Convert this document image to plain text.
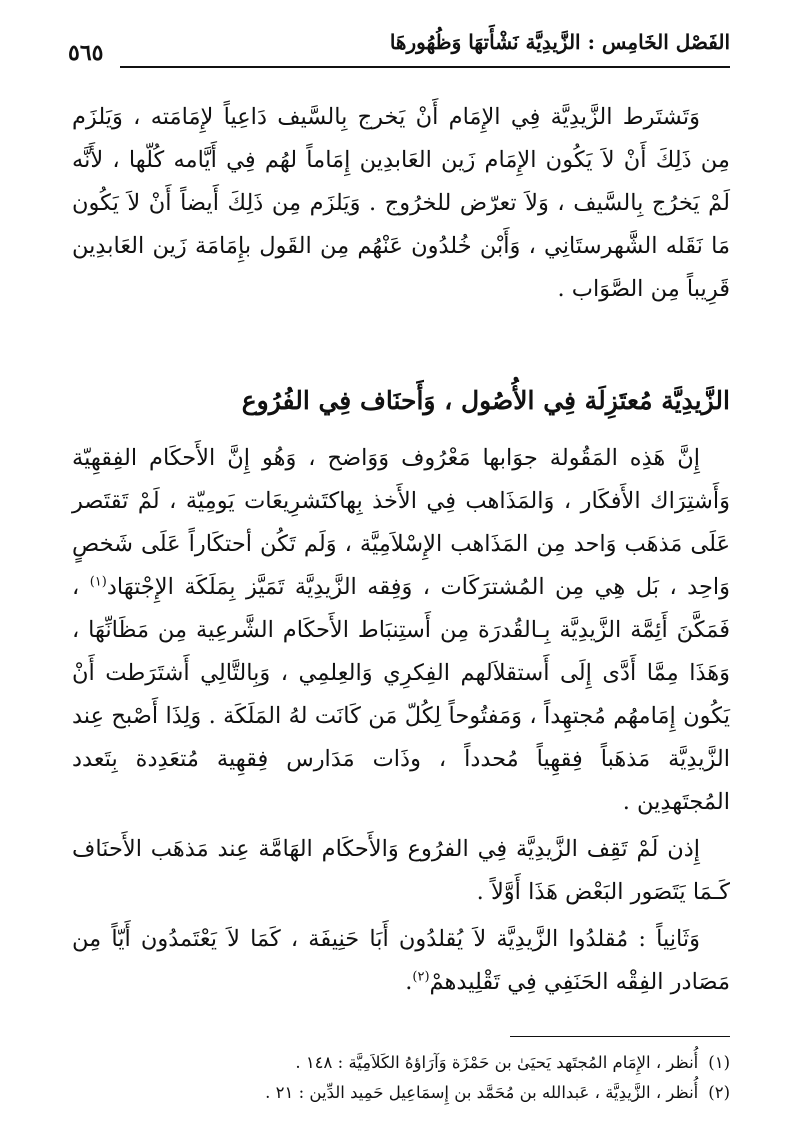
الفَصْل الخَامِس : الزَّيدِيَّة نَشْأَتهَا وَظُهُورهَا
٥٦٥

وَتَشتَرط الزَّيدِيَّة فِي الإِمَام أَنْ يَخرج بِالسَّيف دَاعِياً لإِمَامَته ، وَيَلزَم مِن ذَلِكَ أَنْ لاَ يَكُون الإِمَام زَين العَابدِين إِمَاماً لهُم فِي أَيَّامه كُلّها ، لأَنَّه لَمْ يَخرُج بِالسَّيف ، وَلاَ تعرّض للخرُوج . وَيَلزَم مِن ذَلِكَ أَيضاً أَنْ لاَ يَكُون مَا نَقَله الشَّهرستَانِي ، وَأَبْن خُلدُون عَنْهُم مِن القَول بإِمَامَة زَين العَابدِين قَرِيباً مِن الصَّوَاب .

الزَّيدِيَّة مُعتَزِلَة فِي الأُصُول ، وَأَحنَاف فِي الفُرُوع

إِنَّ هَذِه المَقُولة جوَابها مَعْرُوف وَوَاضح ، وَهُو إِنَّ الأَحكَام الفِقهِيّة وَأَشتِرَاك الأَفكَار ، وَالمَذَاهب فِي الأَخذ بِهاكتَشرِيعَات يَومِيّة ، لَمْ تَقتَصر عَلَى مَذهَب وَاحد مِن المَذَاهب الإِسْلاَمِيَّة ، وَلَم تَكُن أحتكَاراً عَلَى شَخصٍ وَاحِد ، بَل هِي مِن المُشترَكَات ، وَفِقه الزَّيدِيَّة تَمَيَّز بِمَلَكَة الإِجْتهَاد$^{(١)}$ ، فَمَكَّنَ أَئِمَّة الزَّيدِيَّة بِـالقُدرَة مِن أَستِنبَاط الأَحكَام الشَّرعِية مِن مَظَانِّهَا ، وَهَذَا مِمَّا أَدَّى إِلَى أَستقلاَلهم الفِكرِي وَالعِلمِي ، وَبِالتَّالِي أَشتَرَطت أَنْ يَكُون إِمَامهُم مُجتهِداً ، وَمَفتُوحاً لِكُلّ مَن كَانَت لهُ المَلَكَة . وَلِذَا أَصْبح عِند الزَّيدِيَّة مَذهَباً فِقهِياً مُحدداً ، وذَات مَدَارس فِقهِية مُتعَدِدة بِتَعدد المُجتَهدِين .

إِذن لَمْ تَقِف الزَّيدِيَّة فِي الفرُوع وَالأَحكَام الهَامَّة عِند مَذهَب الأَحنَاف كَـمَا يَتَصَور البَعْض هَذَا أَوَّلاً .

وَثَانِياً : مُقلدُوا الزَّيدِيَّة لاَ يُقلدُون أَبَا حَنِيفَة ، كَمَا لاَ يَعْتَمدُون أَيّاً مِن مَصَادر الفِقْه الحَنَفِي فِي تَقْلِيدهمْ$^{(٢)}$.

(١)أُنظر ، الإِمَام المُجتَهد يَحيَىٰ بن حَمْزَة وَآرَاؤهُ الكَلاَمِيَّة : ١٤٨ .

(٢)أُنظر ، الزَّيدِيَّة ، عَبدالله بن مُحَمَّد بن إِسمَاعِيل حَمِيد الدِّين : ٢١ .
